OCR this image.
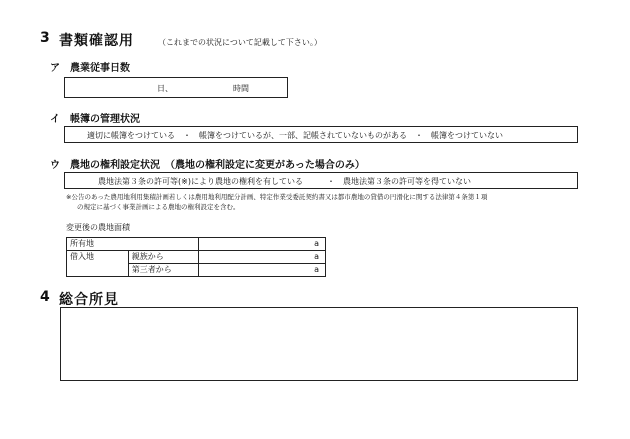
3 書類確認用	（これまでの状況について記載して下さい。）
ア　農業従事日数
日、	時間
イ　帳簿の管理状況
適切に帳簿をつけている　・　帳簿をつけているが、一部、記帳されていないものがある　・　帳簿をつけていない
ウ　農地の権利設定状況　（農地の権利設定に変更があった場合のみ）
農地法第３条の許可等(※)により農地の権利を有している　　　・　農地法第３条の許可等を得ていない
※公告のあった農用地利用集積計画若しくは農用地利用配分計画、特定作業受委託契約書又は都市農地の貸借の円滑化に関する法律第４条第１項
の規定に基づく事業計画による農地の権利設定を含む。
変更後の農地面積
所有地		a
借入地	親族から	a
	第三者から	a
4 総合所見
